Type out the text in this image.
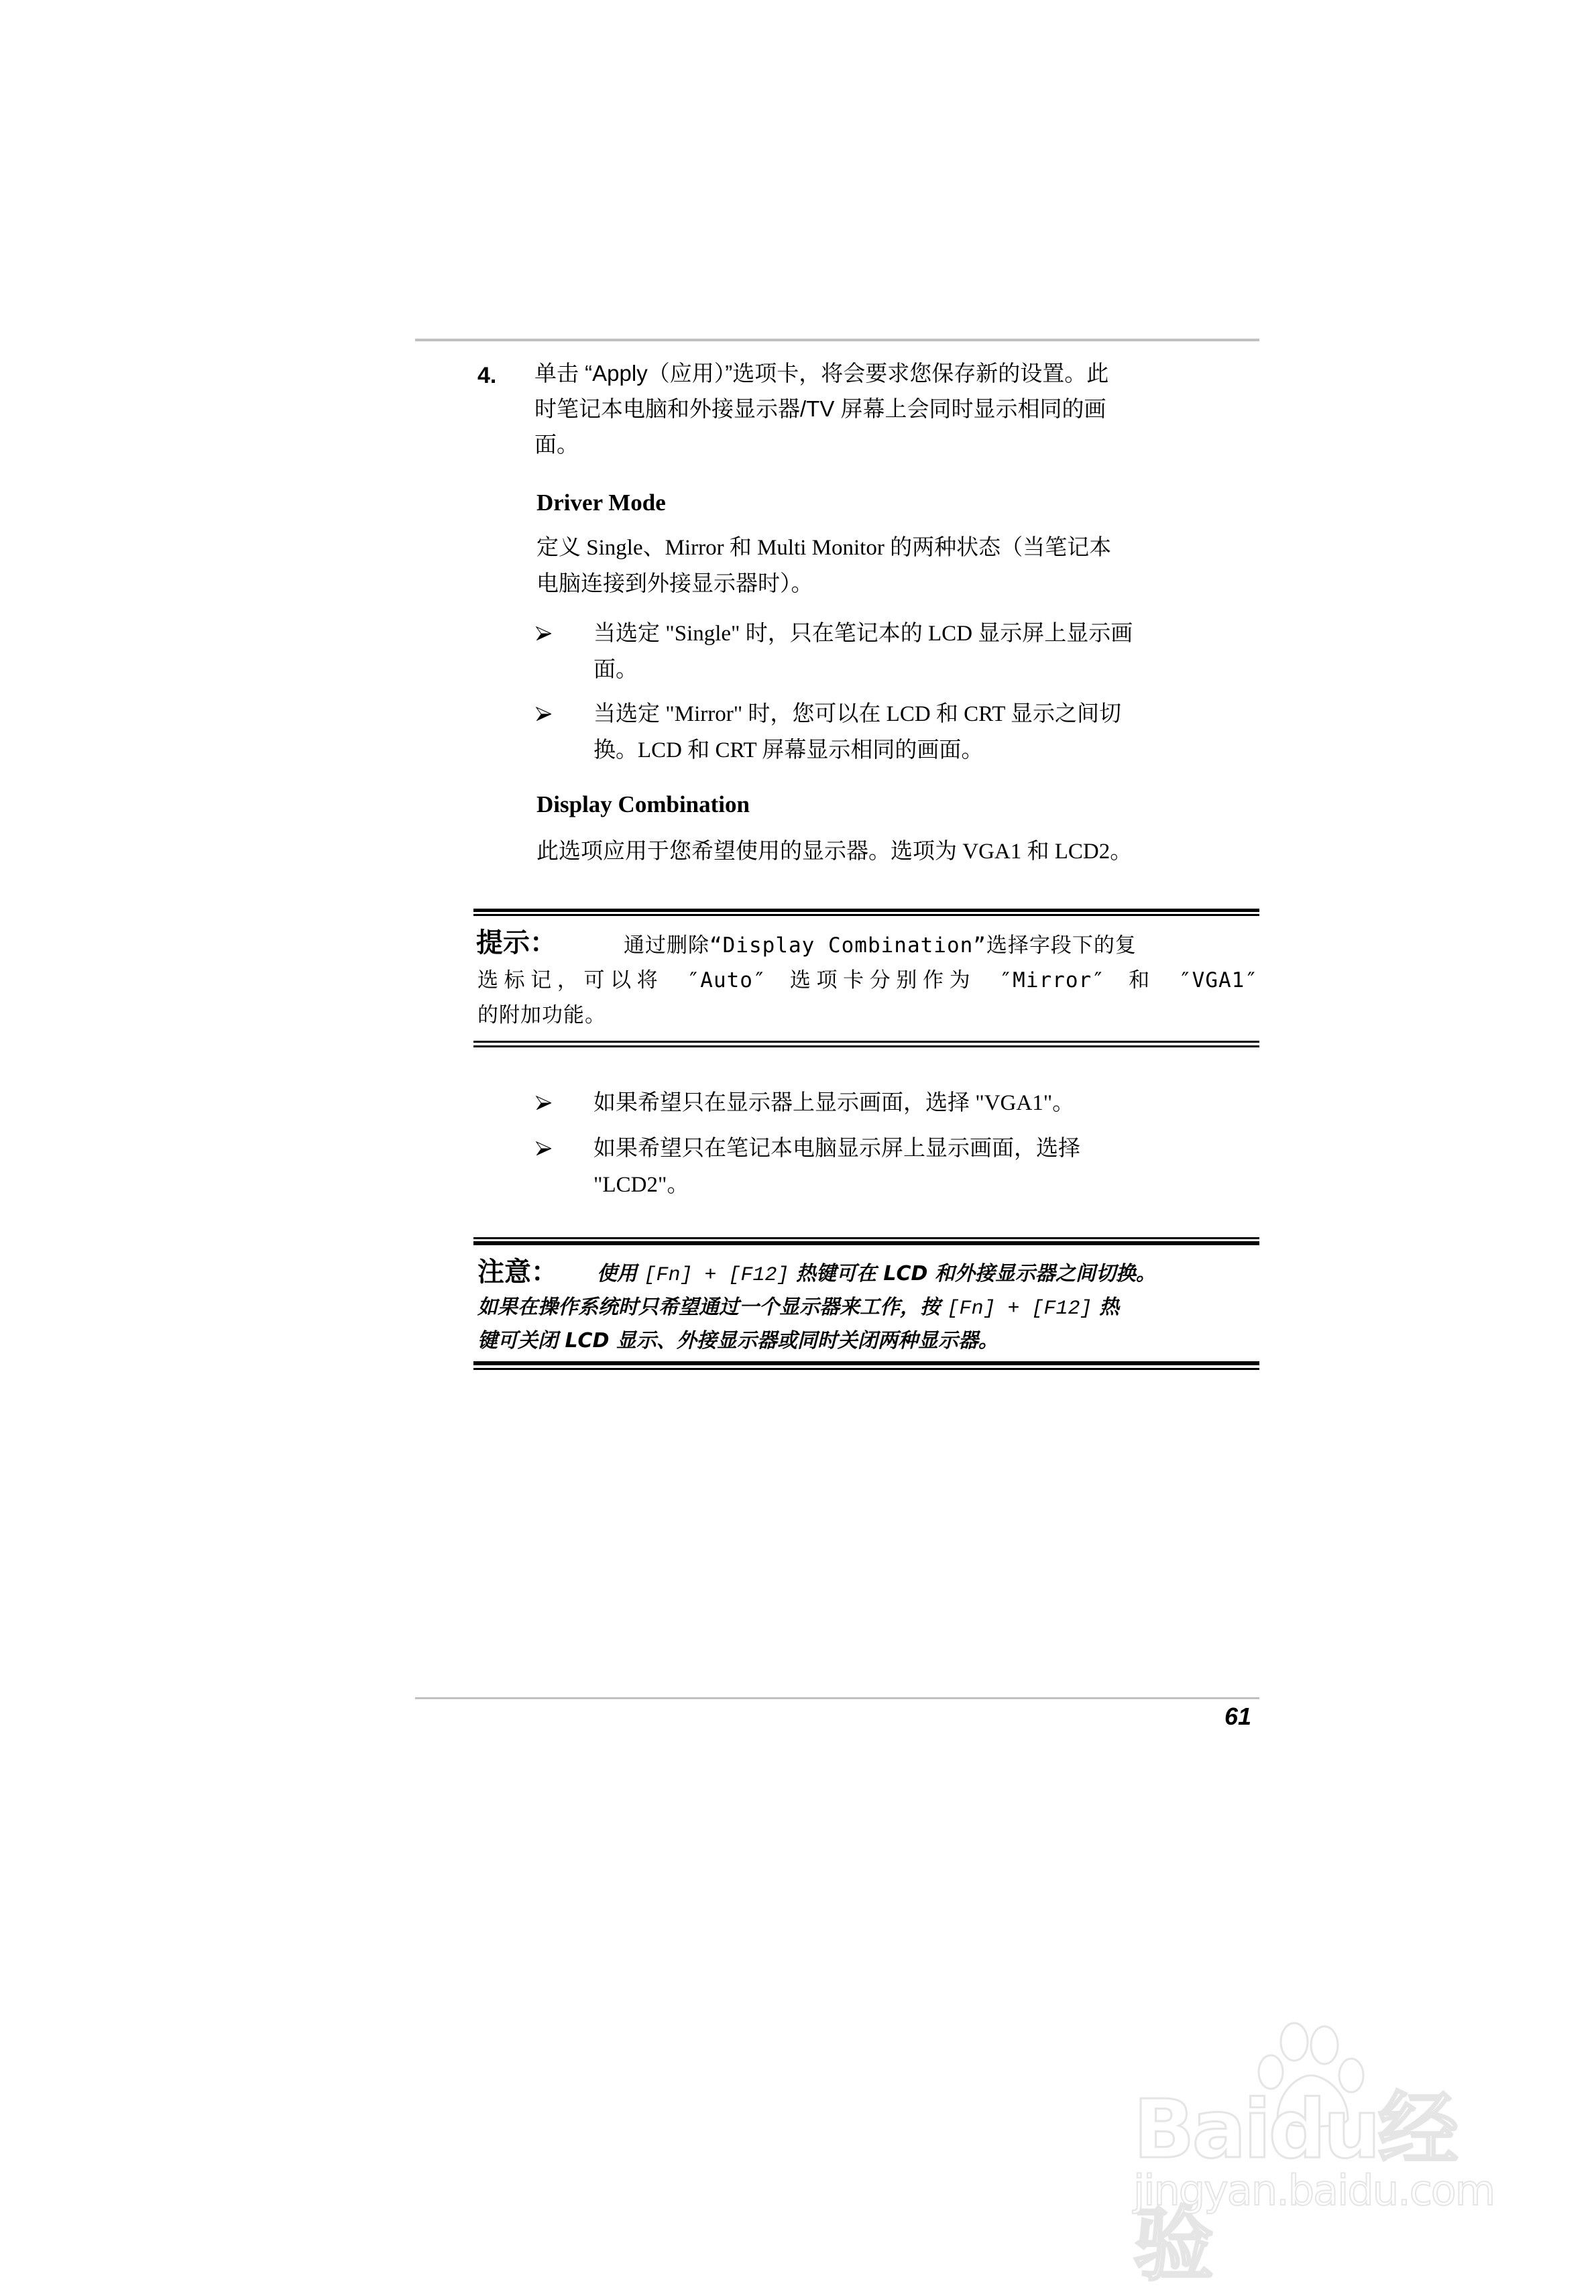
4. 单击 “Apply（应用）”选项卡，将会要求您保存新的设置。此
时笔记本电脑和外接显示器/TV 屏幕上会同时显示相同的画
面。
Driver Mode
定义 Single、Mirror 和 Multi Monitor 的两种状态（当笔记本
电脑连接到外接显示器时）。
当选定 "Single" 时，只在笔记本的 LCD 显示屏上显示画
面。
当选定 "Mirror" 时，您可以在 LCD 和 CRT 显示之间切
换。LCD 和 CRT 屏幕显示相同的画面。
Display Combination
此选项应用于您希望使用的显示器。选项为 VGA1 和 LCD2。
提示：	通过删除“Display Combination”选择字段下的复
选标记，可以将 ″Auto″ 选项卡分别作为 ″Mirror″ 和 ″VGA1″
的附加功能。
如果希望只在显示器上显示画面，选择 "VGA1"。
如果希望只在笔记本电脑显示屏上显示画面，选择
"LCD2"。
注意： 使用 [Fn] + [F12] 热键可在 LCD 和外接显示器之间切换。
如果在操作系统时只希望通过一个显示器来工作，按 [Fn] + [F12] 热
键可关闭 LCD 显示、外接显示器或同时关闭两种显示器。
61
Baidu经验
jingyan.baidu.com
